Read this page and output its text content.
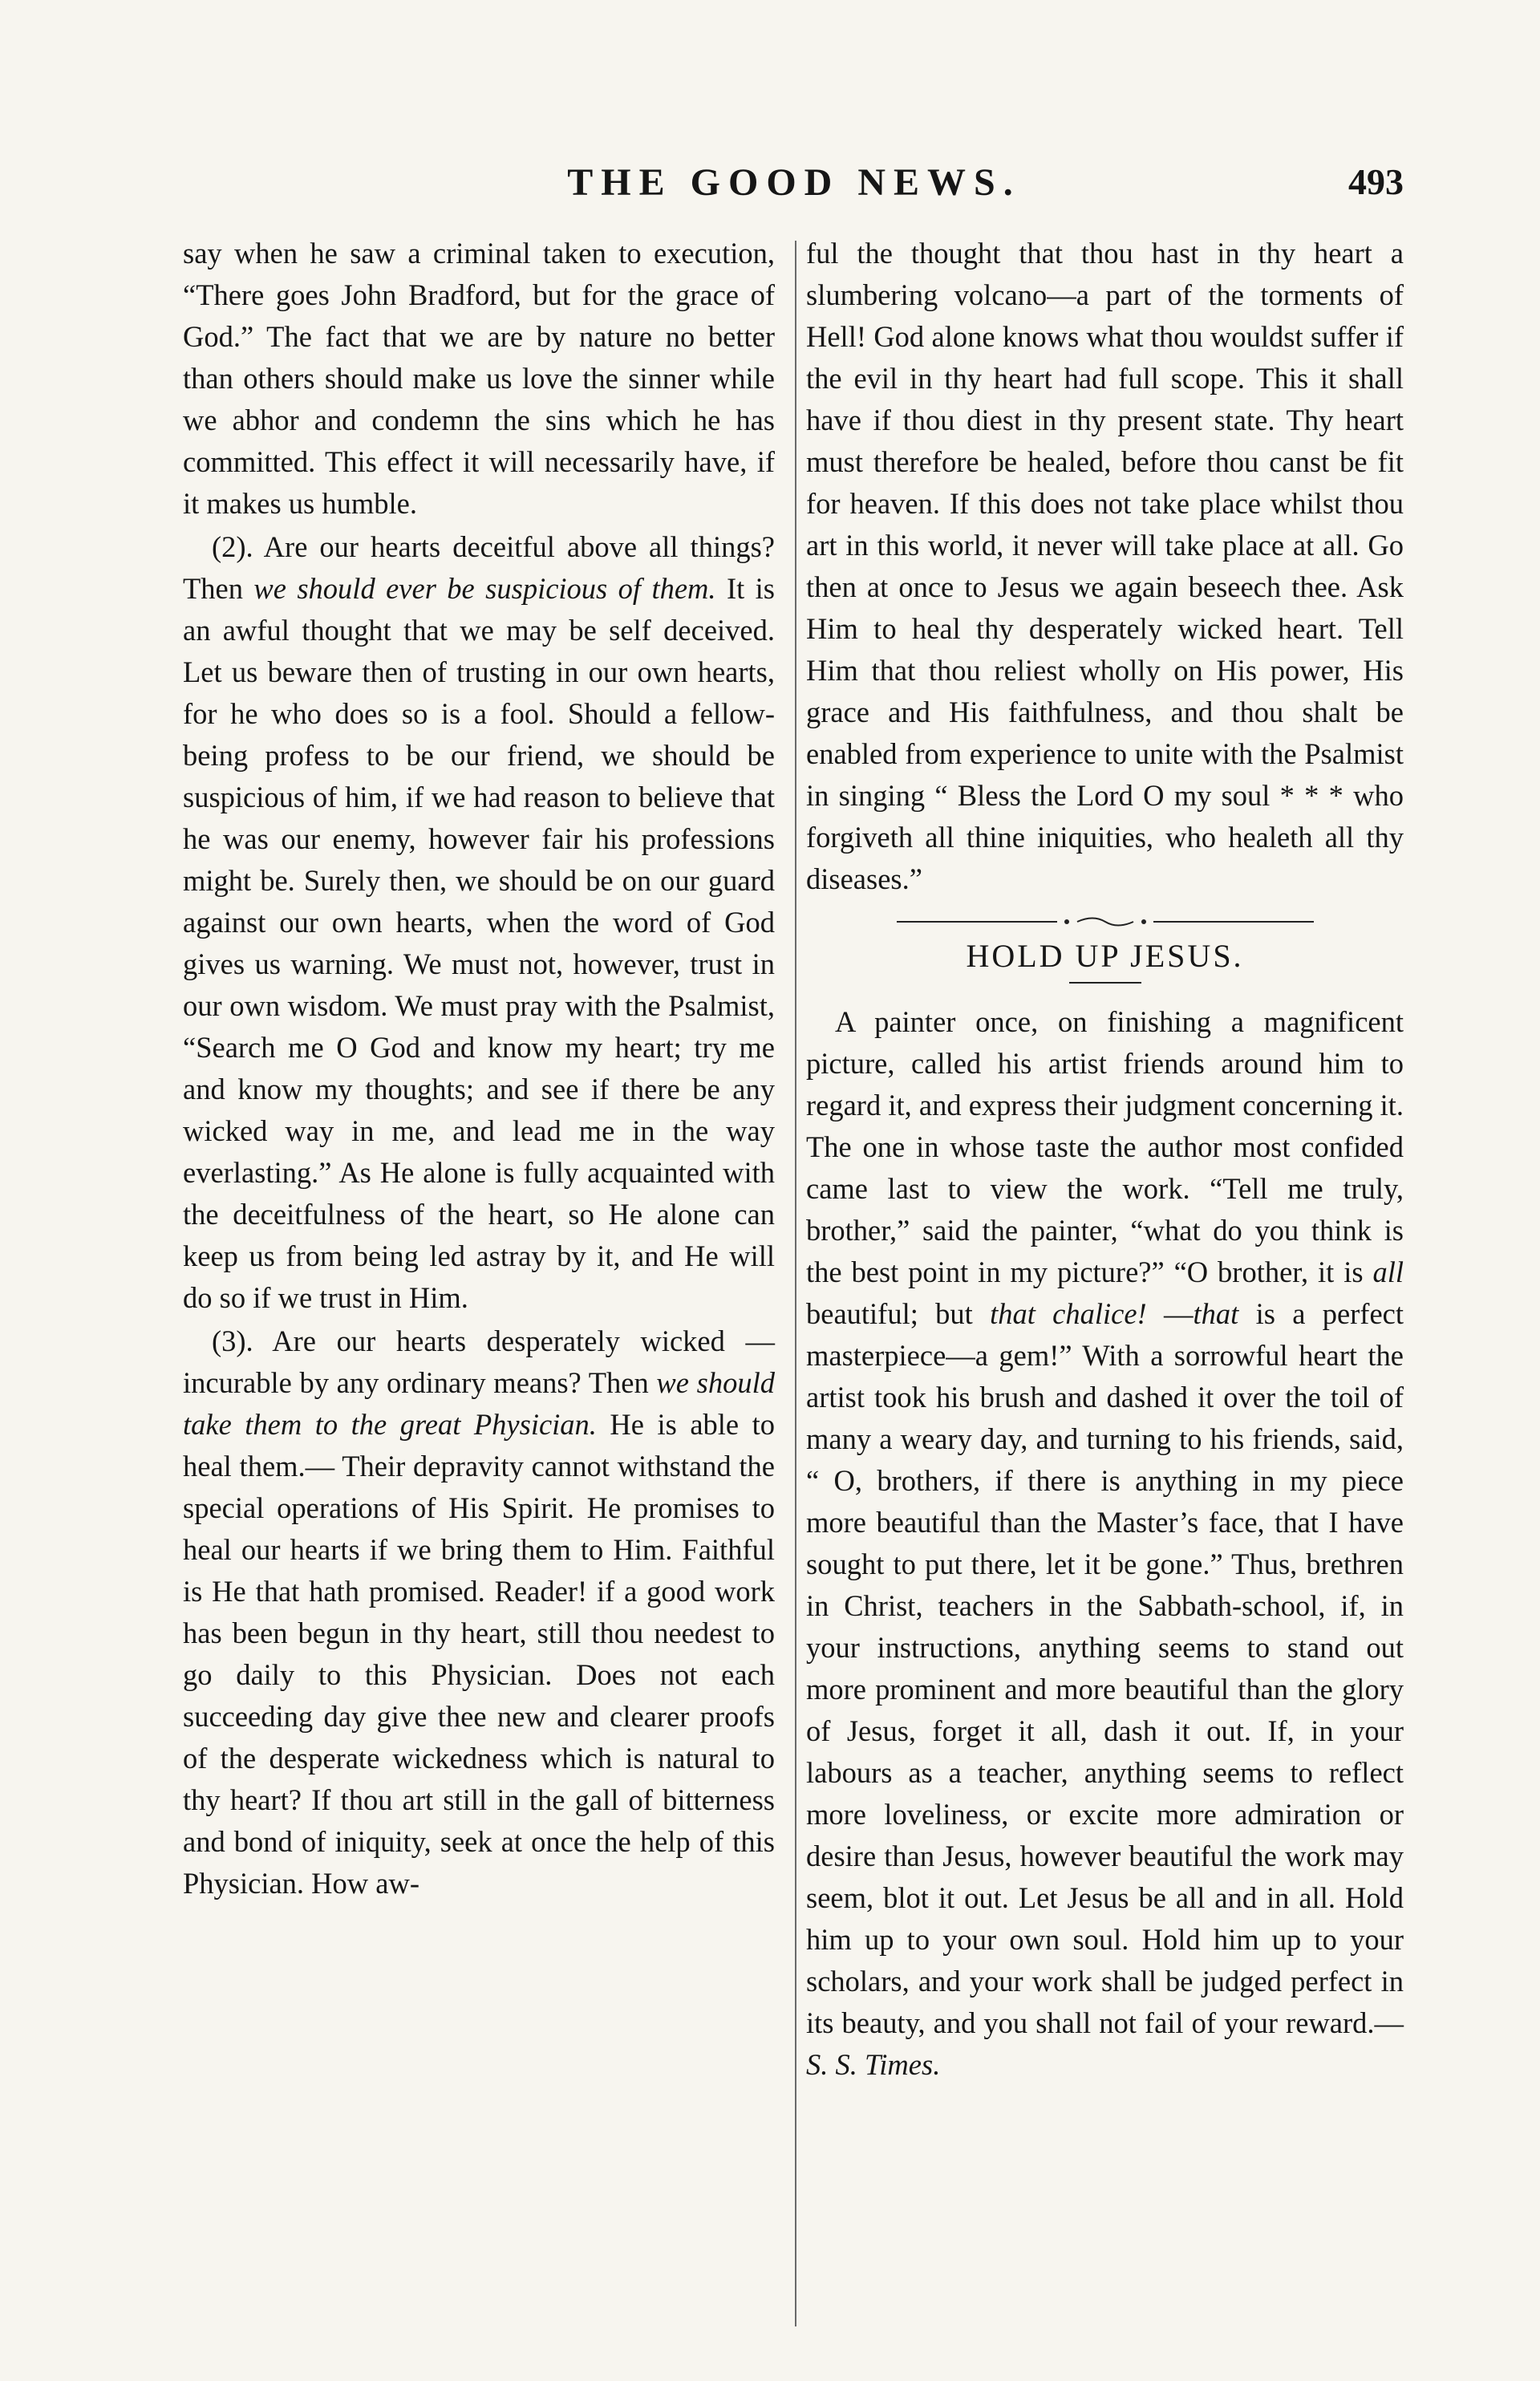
THE GOOD NEWS.	493

say when he saw a criminal taken to execution, “There goes John Bradford, but for the grace of God.” The fact that we are by nature no better than others should make us love the sinner while we abhor and condemn the sins which he has committed. This effect it will necessarily have, if it makes us humble.

(2). Are our hearts deceitful above all things? Then we should ever be suspicious of them. It is an awful thought that we may be self deceived. Let us beware then of trusting in our own hearts, for he who does so is a fool. Should a fellow-being profess to be our friend, we should be suspicious of him, if we had reason to believe that he was our enemy, however fair his professions might be. Surely then, we should be on our guard against our own hearts, when the word of God gives us warning. We must not, however, trust in our own wisdom. We must pray with the Psalmist, “Search me O God and know my heart; try me and know my thoughts; and see if there be any wicked way in me, and lead me in the way everlasting.” As He alone is fully acquainted with the deceitfulness of the heart, so He alone can keep us from being led astray by it, and He will do so if we trust in Him.

(3). Are our hearts desperately wicked —incurable by any ordinary means? Then we should take them to the great Physician. He is able to heal them.— Their depravity cannot withstand the special operations of His Spirit. He promises to heal our hearts if we bring them to Him. Faithful is He that hath promised. Reader! if a good work has been begun in thy heart, still thou needest to go daily to this Physician. Does not each succeeding day give thee new and clearer proofs of the desperate wickedness which is natural to thy heart? If thou art still in the gall of bitterness and bond of iniquity, seek at once the help of this Physician. How aw-

ful the thought that thou hast in thy heart a slumbering volcano—a part of the torments of Hell! God alone knows what thou wouldst suffer if the evil in thy heart had full scope. This it shall have if thou diest in thy present state. Thy heart must therefore be healed, before thou canst be fit for heaven. If this does not take place whilst thou art in this world, it never will take place at all. Go then at once to Jesus we again beseech thee. Ask Him to heal thy desperately wicked heart. Tell Him that thou reliest wholly on His power, His grace and His faithfulness, and thou shalt be enabled from experience to unite with the Psalmist in singing “ Bless the Lord O my soul * * * who forgiveth all thine iniquities, who healeth all thy diseases.”

HOLD UP JESUS.

A painter once, on finishing a magnificent picture, called his artist friends around him to regard it, and express their judgment concerning it. The one in whose taste the author most confided came last to view the work. “Tell me truly, brother,” said the painter, “what do you think is the best point in my picture?” “O brother, it is all beautiful; but that chalice! —that is a perfect masterpiece—a gem!” With a sorrowful heart the artist took his brush and dashed it over the toil of many a weary day, and turning to his friends, said, “ O, brothers, if there is anything in my piece more beautiful than the Master’s face, that I have sought to put there, let it be gone.” Thus, brethren in Christ, teachers in the Sabbath-school, if, in your instructions, anything seems to stand out more prominent and more beautiful than the glory of Jesus, forget it all, dash it out. If, in your labours as a teacher, anything seems to reflect more loveliness, or excite more admiration or desire than Jesus, however beautiful the work may seem, blot it out. Let Jesus be all and in all. Hold him up to your own soul. Hold him up to your scholars, and your work shall be judged perfect in its beauty, and you shall not fail of your reward.—S. S. Times.
